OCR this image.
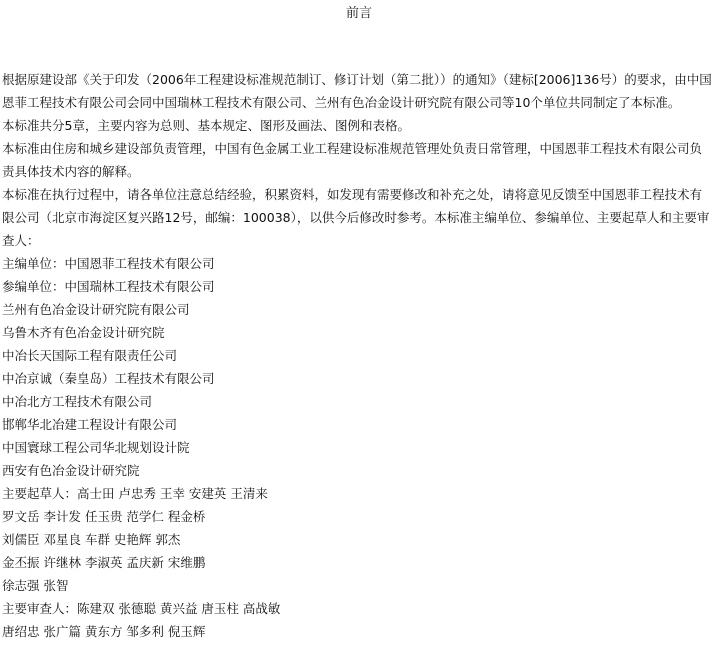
前言

根据原建设部《关于印发（2006年工程建设标准规范制订、修订计划（第二批））的通知》（建标[2006]136号）的要求，由中国恩菲工程技术有限公司会同中国瑞林工程技术有限公司、兰州有色冶金设计研究院有限公司等10个单位共同制定了本标准。

本标准共分5章，主要内容为总则、基本规定、图形及画法、图例和表格。

本标准由住房和城乡建设部负责管理，中国有色金属工业工程建设标准规范管理处负责日常管理，中国恩菲工程技术有限公司负责具体技术内容的解释。

本标准在执行过程中，请各单位注意总结经验，积累资料，如发现有需要修改和补充之处，请将意见反馈至中国恩菲工程技术有限公司（北京市海淀区复兴路12号，邮编：100038），以供今后修改时参考。本标准主编单位、参编单位、主要起草人和主要审查人：

主编单位：中国恩菲工程技术有限公司

参编单位：中国瑞林工程技术有限公司

兰州有色冶金设计研究院有限公司

乌鲁木齐有色冶金设计研究院

中冶长天国际工程有限责任公司

中冶京诚（秦皇岛）工程技术有限公司

中冶北方工程技术有限公司

邯郸华北冶建工程设计有限公司

中国寰球工程公司华北规划设计院

西安有色冶金设计研究院

主要起草人：高士田 卢忠秀 王幸 安建英 王清来

罗文岳 李计发 任玉贵 范学仁 程金桥

刘儒臣 邓星良 车群 史艳辉 郭杰

金丕振 许继林 李淑英 孟庆新 宋维鹏

徐志强 张智

主要审查人：陈建双 张德聪 黄兴益 唐玉柱 高战敏

唐绍忠 张广篇 黄东方 邹多利 倪玉辉
